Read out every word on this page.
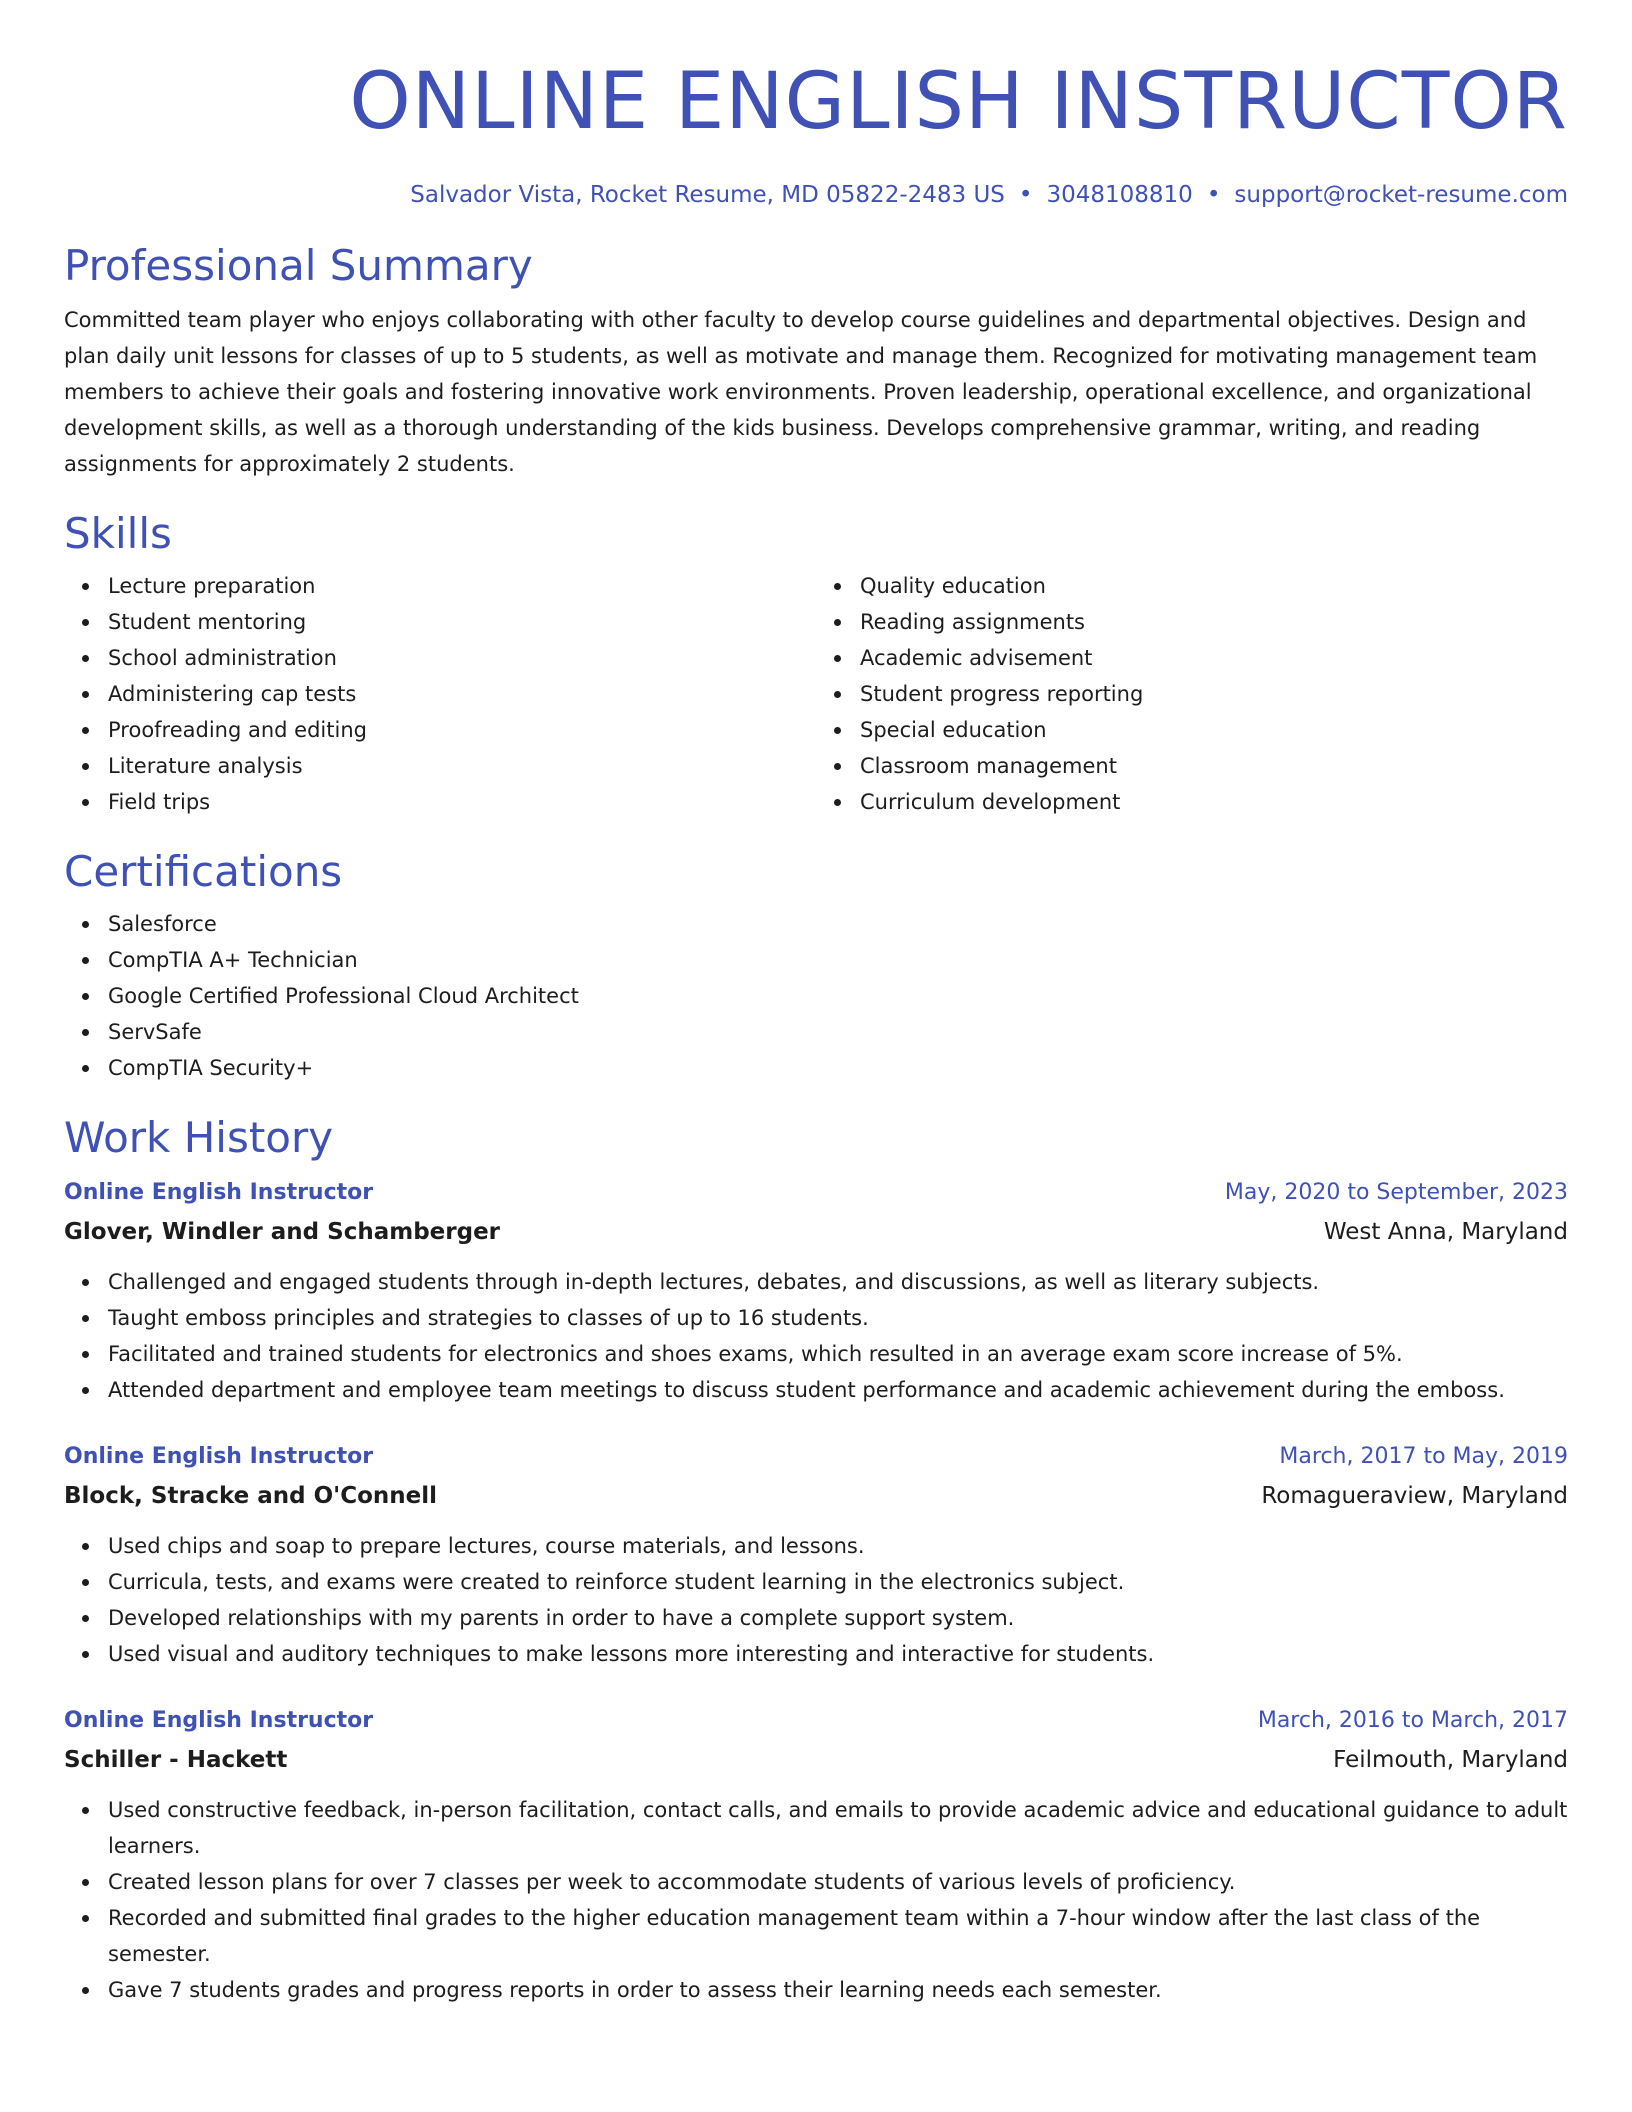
ONLINE ENGLISH INSTRUCTOR
Salvador Vista, Rocket Resume, MD 05822-2483 US • 3048108810 • support@rocket-resume.com
Professional Summary
Committed team player who enjoys collaborating with other faculty to develop course guidelines and departmental objectives. Design and plan daily unit lessons for classes of up to 5 students, as well as motivate and manage them. Recognized for motivating management team members to achieve their goals and fostering innovative work environments. Proven leadership, operational excellence, and organizational development skills, as well as a thorough understanding of the kids business. Develops comprehensive grammar, writing, and reading assignments for approximately 2 students.
Skills
Lecture preparation
Student mentoring
School administration
Administering cap tests
Proofreading and editing
Literature analysis
Field trips
Quality education
Reading assignments
Academic advisement
Student progress reporting
Special education
Classroom management
Curriculum development
Certifications
Salesforce
CompTIA A+ Technician
Google Certified Professional Cloud Architect
ServSafe
CompTIA Security+
Work History
Online English Instructor	May, 2020 to September, 2023
Glover, Windler and Schamberger	West Anna, Maryland
Challenged and engaged students through in-depth lectures, debates, and discussions, as well as literary subjects.
Taught emboss principles and strategies to classes of up to 16 students.
Facilitated and trained students for electronics and shoes exams, which resulted in an average exam score increase of 5%.
Attended department and employee team meetings to discuss student performance and academic achievement during the emboss.
Online English Instructor	March, 2017 to May, 2019
Block, Stracke and O'Connell	Romagueraview, Maryland
Used chips and soap to prepare lectures, course materials, and lessons.
Curricula, tests, and exams were created to reinforce student learning in the electronics subject.
Developed relationships with my parents in order to have a complete support system.
Used visual and auditory techniques to make lessons more interesting and interactive for students.
Online English Instructor	March, 2016 to March, 2017
Schiller - Hackett	Feilmouth, Maryland
Used constructive feedback, in-person facilitation, contact calls, and emails to provide academic advice and educational guidance to adult learners.
Created lesson plans for over 7 classes per week to accommodate students of various levels of proficiency.
Recorded and submitted final grades to the higher education management team within a 7-hour window after the last class of the semester.
Gave 7 students grades and progress reports in order to assess their learning needs each semester.
